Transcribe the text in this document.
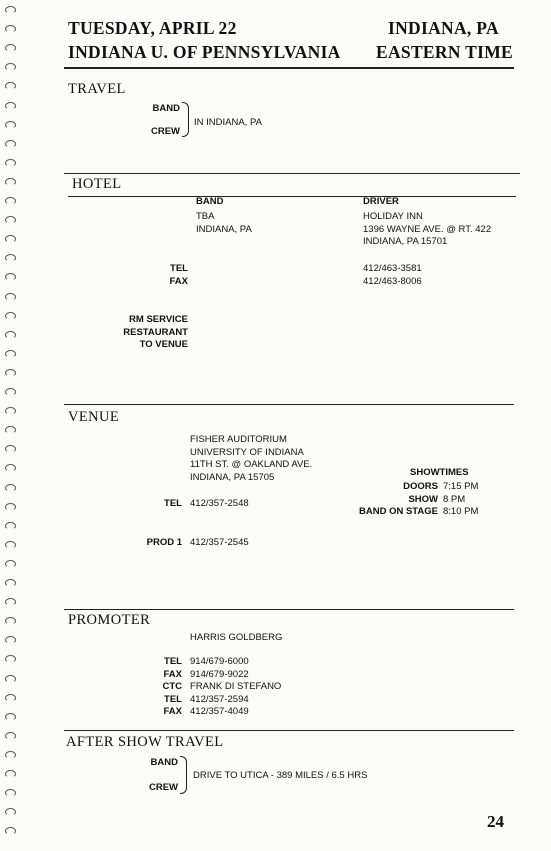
TUESDAY, APRIL 22	INDIANA, PA
INDIANA U. OF PENNSYLVANIA EASTERN TIME
TRAVEL
BAND
CREW
IN INDIANA, PA
HOTEL
BAND
TBA
INDIANA, PA
DRIVER
HOLIDAY INN
1396 WAYNE AVE. @ RT. 422
INDIANA, PA 15701
TEL
FAX
412/463-3581
412/463-8006
RM SERVICE
RESTAURANT
TO VENUE
VENUE
FISHER AUDITORIUM
UNIVERSITY OF INDIANA
11TH ST. @ OAKLAND AVE.
INDIANA, PA 15705
TEL 412/357-2548
PROD 1 412/357-2545
SHOWTIMES
DOORS
SHOW
BAND ON STAGE
7:15 PM
8 PM
8:10 PM
PROMOTER
HARRIS GOLDBERG
TEL
FAX
CTC
TEL
FAX
914/679-6000
914/679-9022
FRANK DI STEFANO
412/357-2594
412/357-4049
AFTER SHOW TRAVEL
BAND
CREW
DRIVE TO UTICA - 389 MILES / 6.5 HRS
24
